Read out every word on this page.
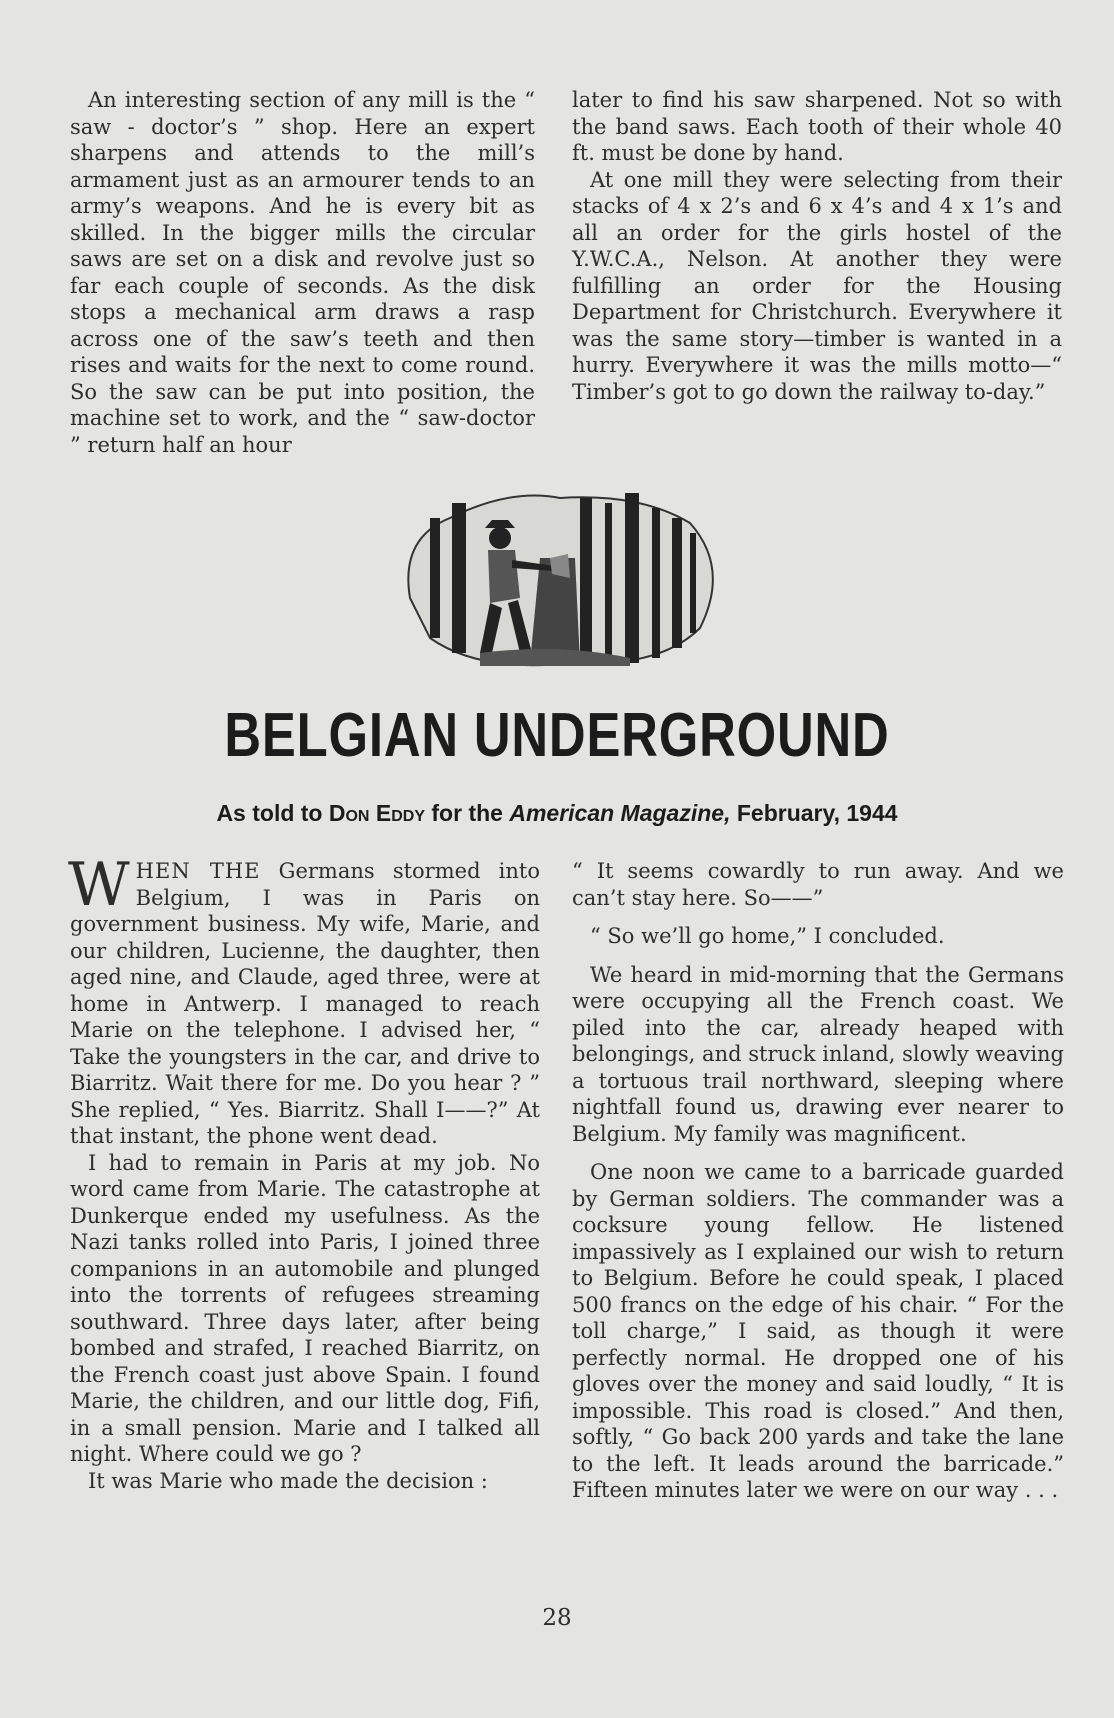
An interesting section of any mill is the “ saw - doctor’s ” shop. Here an expert sharpens and attends to the mill’s armament just as an armourer tends to an army’s weapons. And he is every bit as skilled. In the bigger mills the circular saws are set on a disk and revolve just so far each couple of seconds. As the disk stops a mechanical arm draws a rasp across one of the saw’s teeth and then rises and waits for the next to come round. So the saw can be put into position, the machine set to work, and the “ saw-doctor ” return half an hour

later to find his saw sharpened. Not so with the band saws. Each tooth of their whole 40 ft. must be done by hand.

At one mill they were selecting from their stacks of 4 x 2’s and 6 x 4’s and 4 x 1’s and all an order for the girls hostel of the Y.W.C.A., Nelson. At another they were fulfilling an order for the Housing Department for Christchurch. Everywhere it was the same story—timber is wanted in a hurry. Everywhere it was the mills motto—“ Timber’s got to go down the railway to-day.”

BELGIAN UNDERGROUND
As told to Don Eddy for the American Magazine, February, 1944

WHEN THE Germans stormed into Belgium, I was in Paris on government business. My wife, Marie, and our children, Lucienne, the daughter, then aged nine, and Claude, aged three, were at home in Antwerp. I managed to reach Marie on the telephone. I advised her, “ Take the youngsters in the car, and drive to Biarritz. Wait there for me. Do you hear ? ” She replied, “ Yes. Biarritz. Shall I——?” At that instant, the phone went dead.

I had to remain in Paris at my job. No word came from Marie. The catastrophe at Dunkerque ended my usefulness. As the Nazi tanks rolled into Paris, I joined three companions in an automobile and plunged into the torrents of refugees streaming southward. Three days later, after being bombed and strafed, I reached Biarritz, on the French coast just above Spain. I found Marie, the children, and our little dog, Fifi, in a small pension. Marie and I talked all night. Where could we go ?

It was Marie who made the decision :

“ It seems cowardly to run away. And we can’t stay here. So——”

“ So we’ll go home,” I concluded.

We heard in mid-morning that the Germans were occupying all the French coast. We piled into the car, already heaped with belongings, and struck inland, slowly weaving a tortuous trail northward, sleeping where nightfall found us, drawing ever nearer to Belgium. My family was magnificent.

One noon we came to a barricade guarded by German soldiers. The commander was a cocksure young fellow. He listened impassively as I explained our wish to return to Belgium. Before he could speak, I placed 500 francs on the edge of his chair. “ For the toll charge,” I said, as though it were perfectly normal. He dropped one of his gloves over the money and said loudly, “ It is impossible. This road is closed.” And then, softly, “ Go back 200 yards and take the lane to the left. It leads around the barricade.” Fifteen minutes later we were on our way . . .

28
